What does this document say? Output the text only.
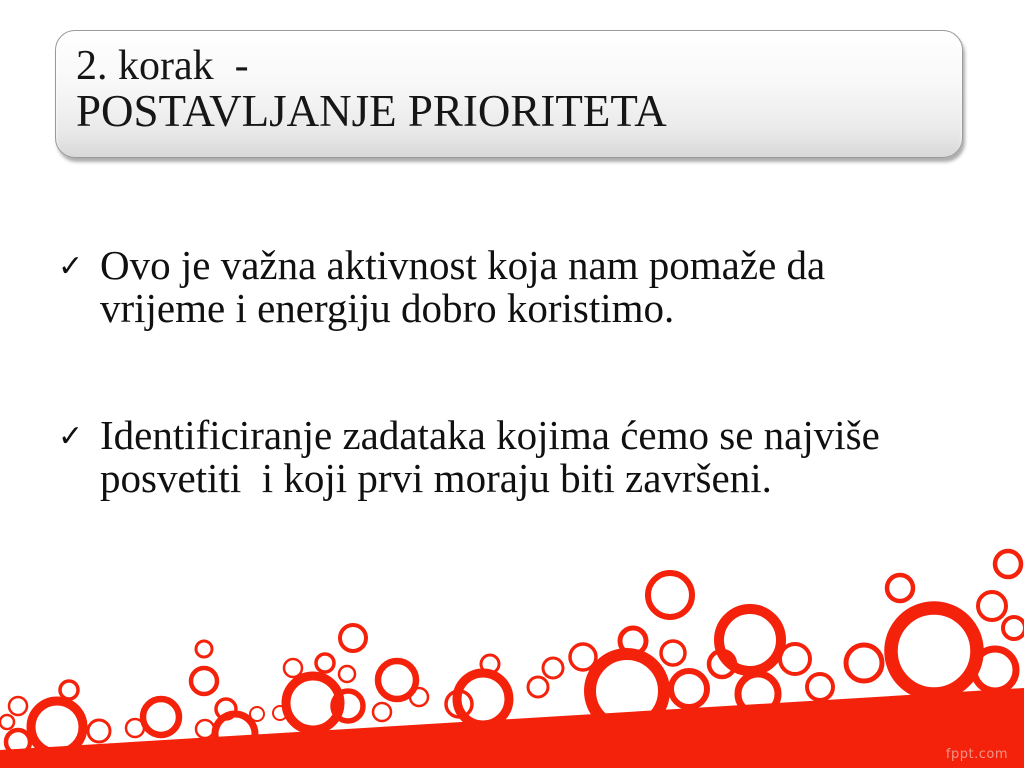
2. korak  -
POSTAVLJANJE PRIORITETA
✓ Ovo je važna aktivnost koja nam pomaže da
vrijeme i energiju dobro koristimo.
✓ Identificiranje zadataka kojima ćemo se najviše
posvetiti  i koji prvi moraju biti završeni.
fppt.com
